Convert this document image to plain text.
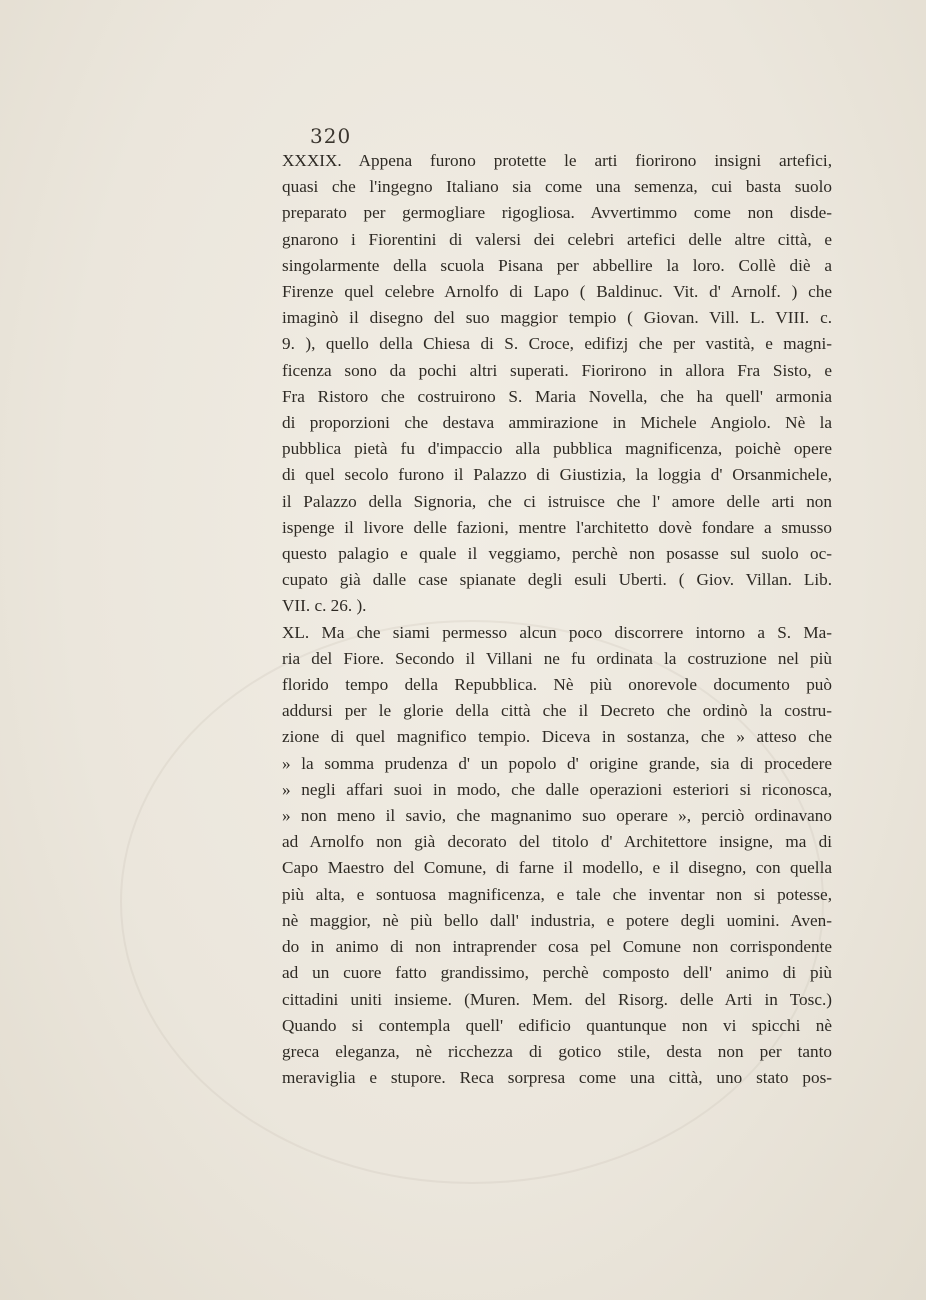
320
XXXIX. Appena furono protette le arti fiorirono insigni artefici,
quasi che l'ingegno Italiano sia come una semenza, cui basta suolo
preparato per germogliare rigogliosa. Avvertimmo come non disde-
gnarono i Fiorentini di valersi dei celebri artefici delle altre città, e
singolarmente della scuola Pisana per abbellire la loro. Collè diè a
Firenze quel celebre Arnolfo di Lapo ( Baldinuc. Vit. d' Arnolf. ) che
imaginò il disegno del suo maggior tempio ( Giovan. Vill. L. VIII. c.
9. ), quello della Chiesa di S. Croce, edifizj che per vastità, e magni-
ficenza sono da pochi altri superati. Fiorirono in allora Fra Sisto, e
Fra Ristoro che costruirono S. Maria Novella, che ha quell' armonia
di proporzioni che destava ammirazione in Michele Angiolo. Nè la
pubblica pietà fu d'impaccio alla pubblica magnificenza, poichè opere
di quel secolo furono il Palazzo di Giustizia, la loggia d' Orsanmichele,
il Palazzo della Signoria, che ci istruisce che l' amore delle arti non
ispenge il livore delle fazioni, mentre l'architetto dovè fondare a smusso
questo palagio e quale il veggiamo, perchè non posasse sul suolo oc-
cupato già dalle case spianate degli esuli Uberti. ( Giov. Villan. Lib.
VII. c. 26. ).
XL. Ma che siami permesso alcun poco discorrere intorno a S. Ma-
ria del Fiore. Secondo il Villani ne fu ordinata la costruzione nel più
florido tempo della Repubblica. Nè più onorevole documento può
addursi per le glorie della città che il Decreto che ordinò la costru-
zione di quel magnifico tempio. Diceva in sostanza, che » atteso che
» la somma prudenza d' un popolo d' origine grande, sia di procedere
» negli affari suoi in modo, che dalle operazioni esteriori si riconosca,
» non meno il savio, che magnanimo suo operare », perciò ordinavano
ad Arnolfo non già decorato del titolo d' Architettore insigne, ma di
Capo Maestro del Comune, di farne il modello, e il disegno, con quella
più alta, e sontuosa magnificenza, e tale che inventar non si potesse,
nè maggior, nè più bello dall' industria, e potere degli uomini. Aven-
do in animo di non intraprender cosa pel Comune non corrispondente
ad un cuore fatto grandissimo, perchè composto dell' animo di più
cittadini uniti insieme. (Muren. Mem. del Risorg. delle Arti in Tosc.)
Quando si contempla quell' edificio quantunque non vi spicchi nè
greca eleganza, nè ricchezza di gotico stile, desta non per tanto
meraviglia e stupore. Reca sorpresa come una città, uno stato pos-
